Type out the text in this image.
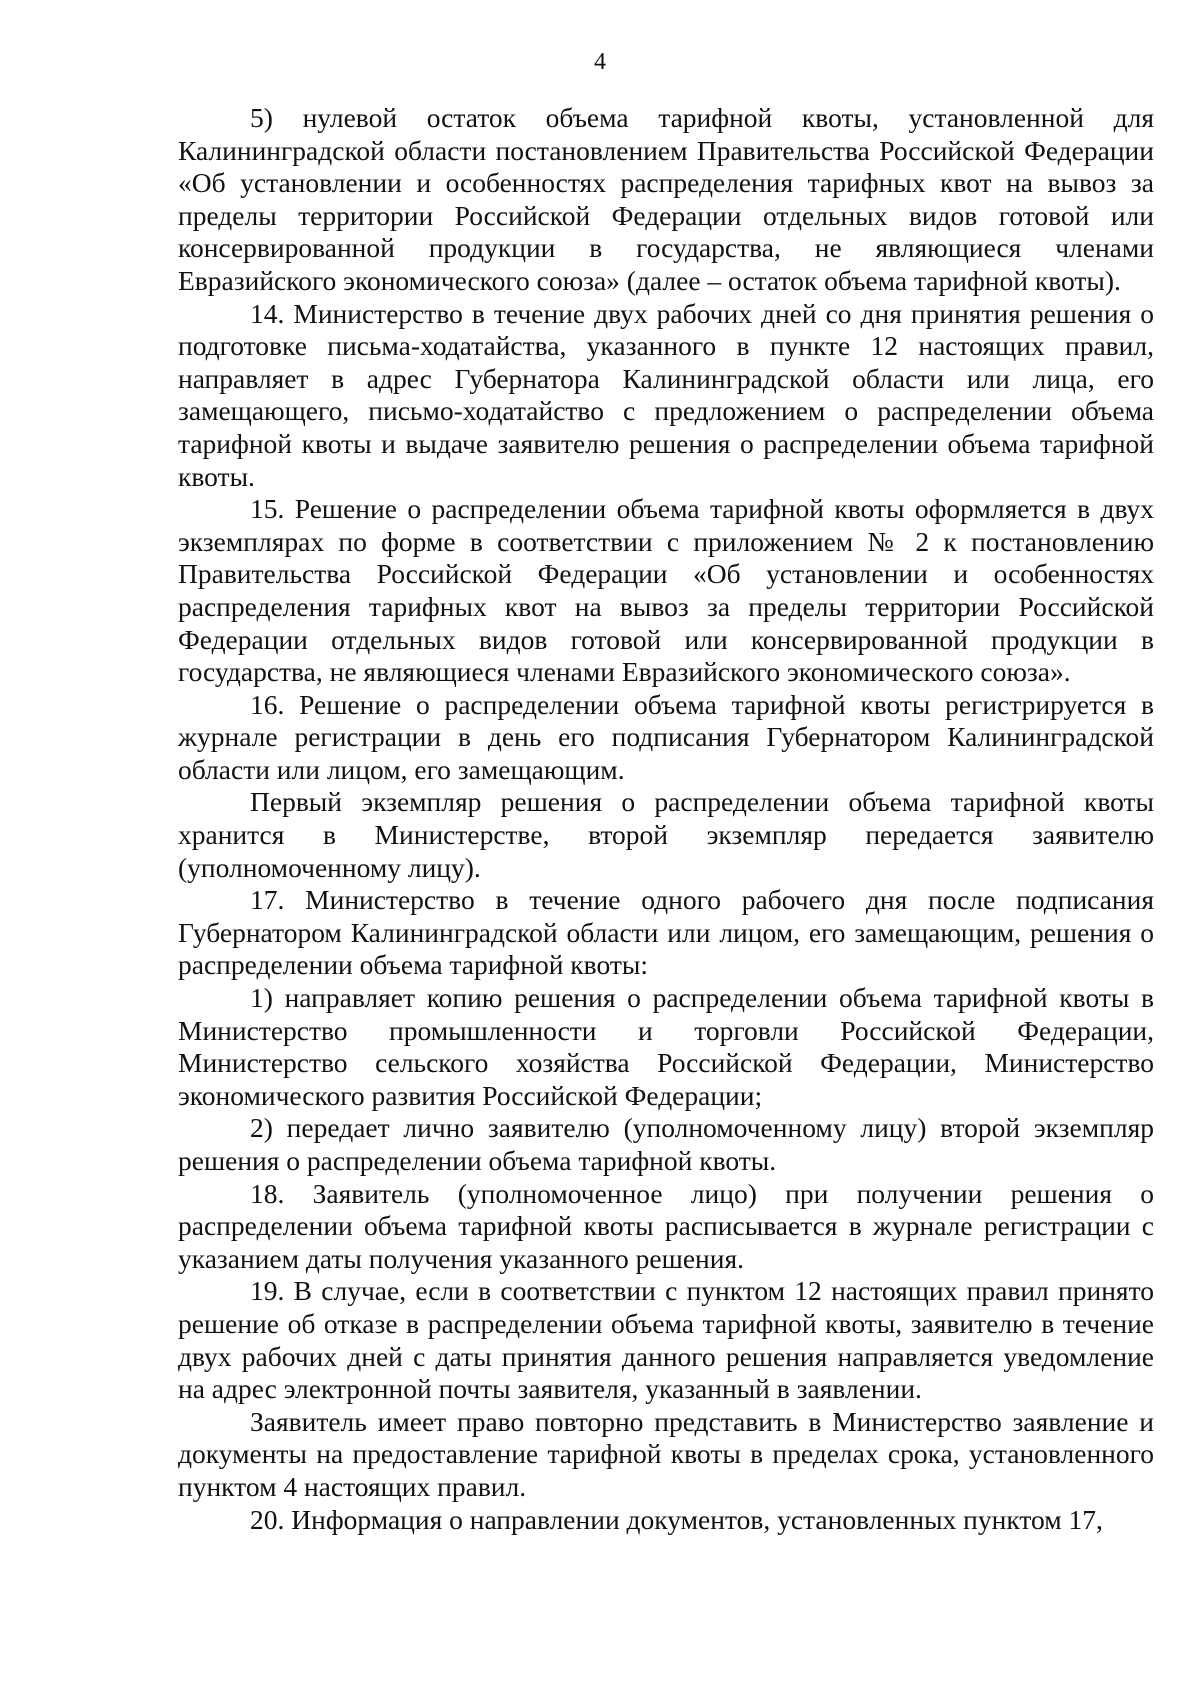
4

5) нулевой остаток объема тарифной квоты, установленной для Калининградской области постановлением Правительства Российской Федерации «Об установлении и особенностях распределения тарифных квот на вывоз за пределы территории Российской Федерации отдельных видов готовой или консервированной продукции в государства, не являющиеся членами Евразийского экономического союза» (далее – остаток объема тарифной квоты).

14. Министерство в течение двух рабочих дней со дня принятия решения о подготовке письма-ходатайства, указанного в пункте 12 настоящих правил, направляет в адрес Губернатора Калининградской области или лица, его замещающего, письмо-ходатайство с предложением о распределении объема тарифной квоты и выдаче заявителю решения о распределении объема тарифной квоты.

15. Решение о распределении объема тарифной квоты оформляется в двух экземплярах по форме в соответствии с приложением № 2 к постановлению Правительства Российской Федерации «Об установлении и особенностях распределения тарифных квот на вывоз за пределы территории Российской Федерации отдельных видов готовой или консервированной продукции в государства, не являющиеся членами Евразийского экономического союза».

16. Решение о распределении объема тарифной квоты регистрируется в журнале регистрации в день его подписания Губернатором Калининградской области или лицом, его замещающим.

Первый экземпляр решения о распределении объема тарифной квоты хранится в Министерстве, второй экземпляр передается заявителю (уполномоченному лицу).

17. Министерство в течение одного рабочего дня после подписания Губернатором Калининградской области или лицом, его замещающим, решения о распределении объема тарифной квоты:

1) направляет копию решения о распределении объема тарифной квоты в Министерство промышленности и торговли Российской Федерации, Министерство сельского хозяйства Российской Федерации, Министерство экономического развития Российской Федерации;

2) передает лично заявителю (уполномоченному лицу) второй экземпляр решения о распределении объема тарифной квоты.

18. Заявитель (уполномоченное лицо) при получении решения о распределении объема тарифной квоты расписывается в журнале регистрации с указанием даты получения указанного решения.

19. В случае, если в соответствии с пунктом 12 настоящих правил принято решение об отказе в распределении объема тарифной квоты, заявителю в течение двух рабочих дней с даты принятия данного решения направляется уведомление на адрес электронной почты заявителя, указанный в заявлении.

Заявитель имеет право повторно представить в Министерство заявление и документы на предоставление тарифной квоты в пределах срока, установленного пунктом 4 настоящих правил.

20. Информация о направлении документов, установленных пунктом 17,
